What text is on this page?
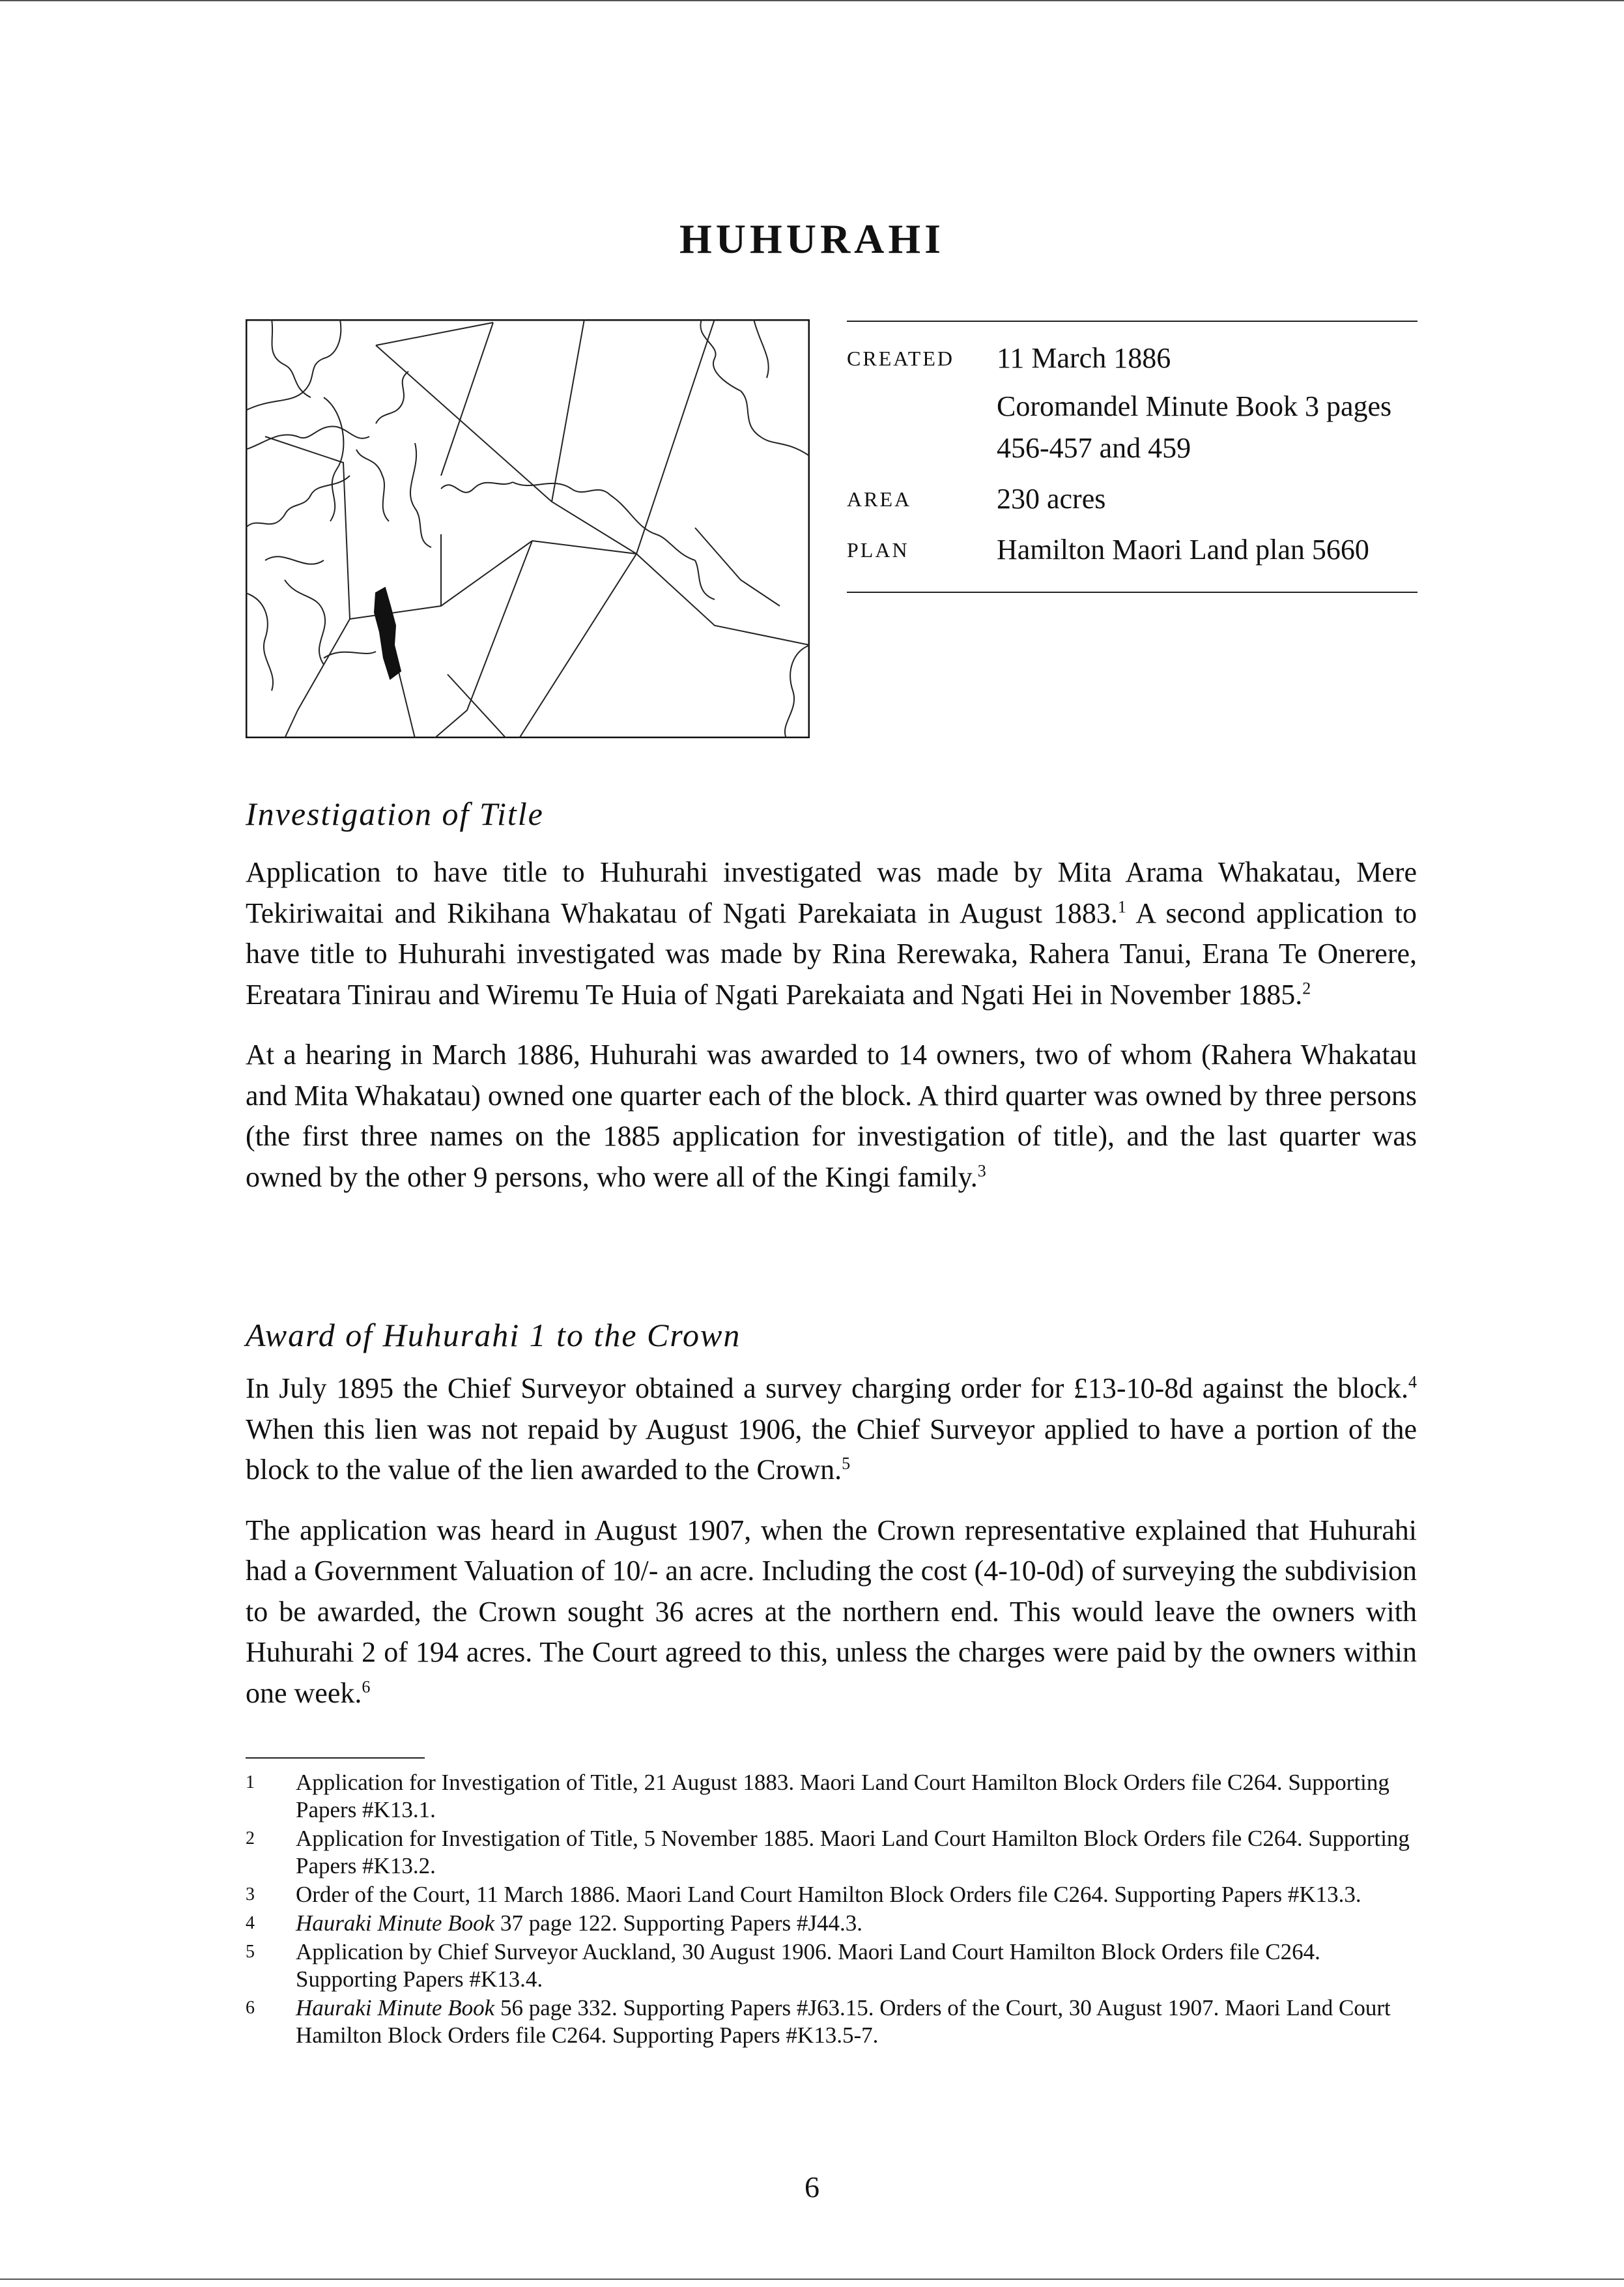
HUHURAHI
CREATED	11 March 1886
Coromandel Minute Book 3 pages 456-457 and 459

AREA	230 acres
PLAN	Hamilton Maori Land plan 5660
Investigation of Title

Application to have title to Huhurahi investigated was made by Mita Arama Whakatau, Mere Tekiriwaitai and Rikihana Whakatau of Ngati Parekaiata in August 1883.$^1$ A second application to have title to Huhurahi investigated was made by Rina Rerewaka, Rahera Tanui, Erana Te Onerere, Ereatara Tinirau and Wiremu Te Huia of Ngati Parekaiata and Ngati Hei in November 1885.$^2$

At a hearing in March 1886, Huhurahi was awarded to 14 owners, two of whom (Rahera Whakatau and Mita Whakatau) owned one quarter each of the block. A third quarter was owned by three persons (the first three names on the 1885 application for investigation of title), and the last quarter was owned by the other 9 persons, who were all of the Kingi family.$^3$

Award of Huhurahi 1 to the Crown

In July 1895 the Chief Surveyor obtained a survey charging order for £13-10-8d against the block.$^4$ When this lien was not repaid by August 1906, the Chief Surveyor applied to have a portion of the block to the value of the lien awarded to the Crown.$^5$

The application was heard in August 1907, when the Crown representative explained that Huhurahi had a Government Valuation of 10/- an acre. Including the cost (4-10-0d) of surveying the subdivision to be awarded, the Crown sought 36 acres at the northern end. This would leave the owners with Huhurahi 2 of 194 acres. The Court agreed to this, unless the charges were paid by the owners within one week.$^6$

1	Application for Investigation of Title, 21 August 1883. Maori Land Court Hamilton Block Orders file C264. Supporting Papers #K13.1.
2	Application for Investigation of Title, 5 November 1885. Maori Land Court Hamilton Block Orders file C264. Supporting Papers #K13.2.
3	Order of the Court, 11 March 1886. Maori Land Court Hamilton Block Orders file C264. Supporting Papers #K13.3.
4	Hauraki Minute Book 37 page 122. Supporting Papers #J44.3.
5	Application by Chief Surveyor Auckland, 30 August 1906. Maori Land Court Hamilton Block Orders file C264. Supporting Papers #K13.4.
6	Hauraki Minute Book 56 page 332. Supporting Papers #J63.15. Orders of the Court, 30 August 1907. Maori Land Court Hamilton Block Orders file C264. Supporting Papers #K13.5-7.
6
